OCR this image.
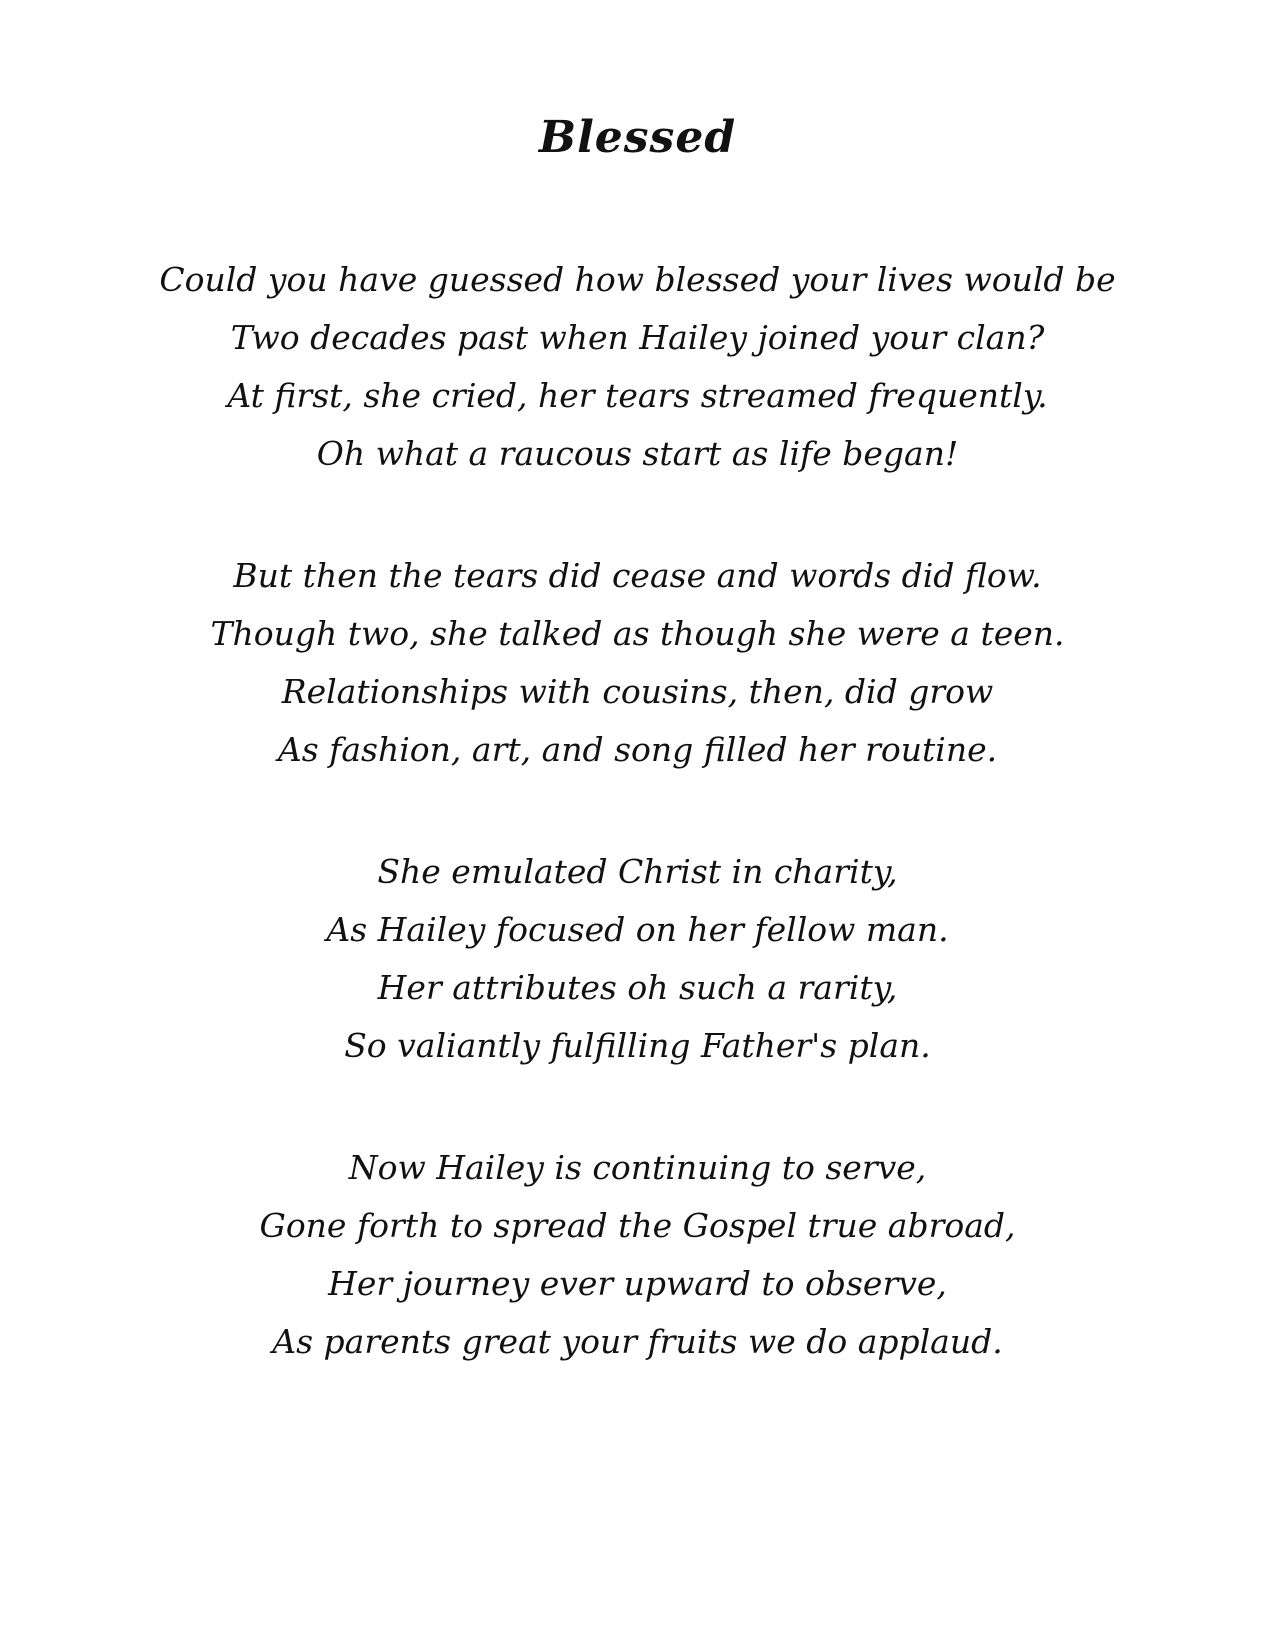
Blessed

Could you have guessed how blessed your lives would be

Two decades past when Hailey joined your clan?

At first, she cried, her tears streamed frequently.

Oh what a raucous start as life began!

But then the tears did cease and words did flow.

Though two, she talked as though she were a teen.

Relationships with cousins, then, did grow

As fashion, art, and song filled her routine.

She emulated Christ in charity,

As Hailey focused on her fellow man.

Her attributes oh such a rarity,

So valiantly fulfilling Father's plan.

Now Hailey is continuing to serve,

Gone forth to spread the Gospel true abroad,

Her journey ever upward to observe,

As parents great your fruits we do applaud.
